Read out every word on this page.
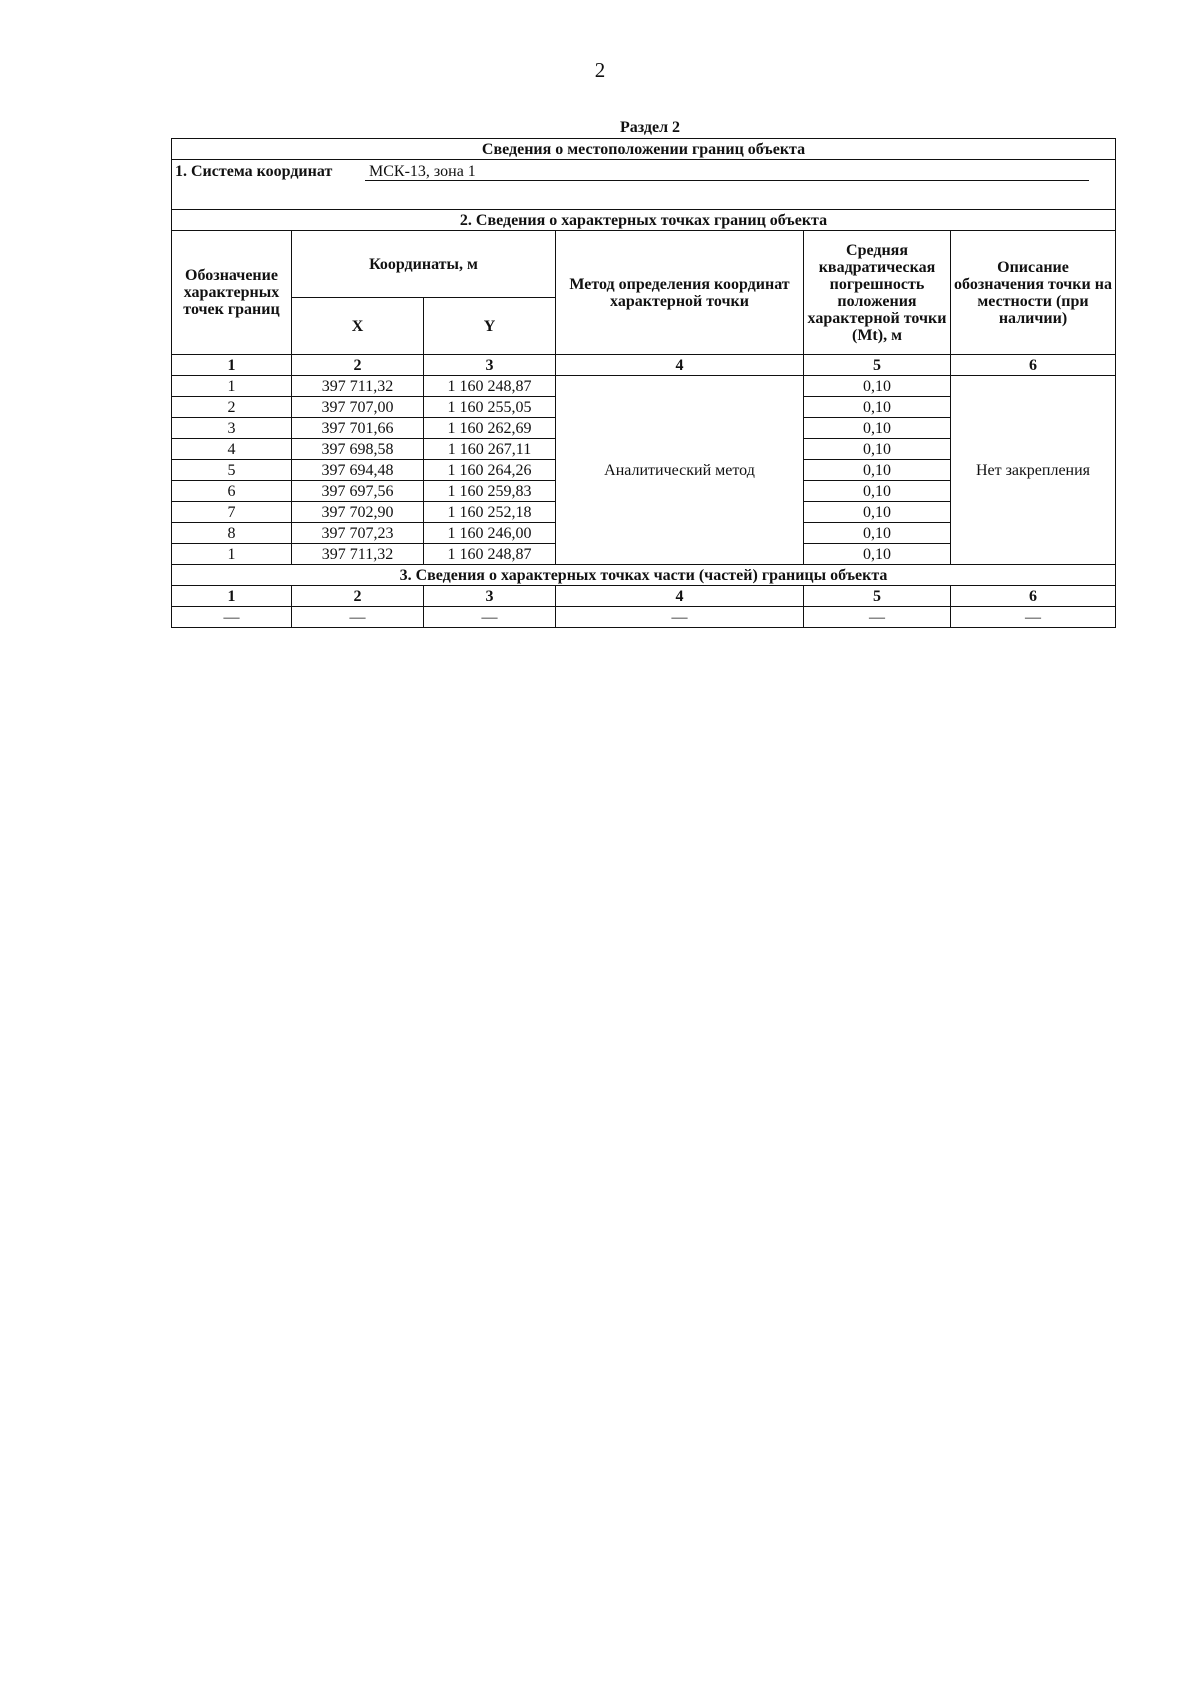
2
Раздел 2
Сведения о местоположении границ объекта					
1. Система координат МСК-13, зона 1					
2. Сведения о характерных точках границ объекта					
Обозначение характерных точек границ	Координаты, м		Метод определения координат характерной точки	Средняя квадратическая погрешность положения характерной точки (Mt), м	Описание обозначения точки на местности (при наличии)
	X	Y			
1	2	3	4	5	6
1	397 711,32	1 160 248,87	Аналитический метод	0,10	Нет закрепления
2	397 707,00	1 160 255,05		0,10	
3	397 701,66	1 160 262,69		0,10	
4	397 698,58	1 160 267,11		0,10	
5	397 694,48	1 160 264,26		0,10	
6	397 697,56	1 160 259,83		0,10	
7	397 702,90	1 160 252,18		0,10	
8	397 707,23	1 160 246,00		0,10	
1	397 711,32	1 160 248,87		0,10	
3. Сведения о характерных точках части (частей) границы объекта					
1	2	3	4	5	6
—	—	—	—	—	—
